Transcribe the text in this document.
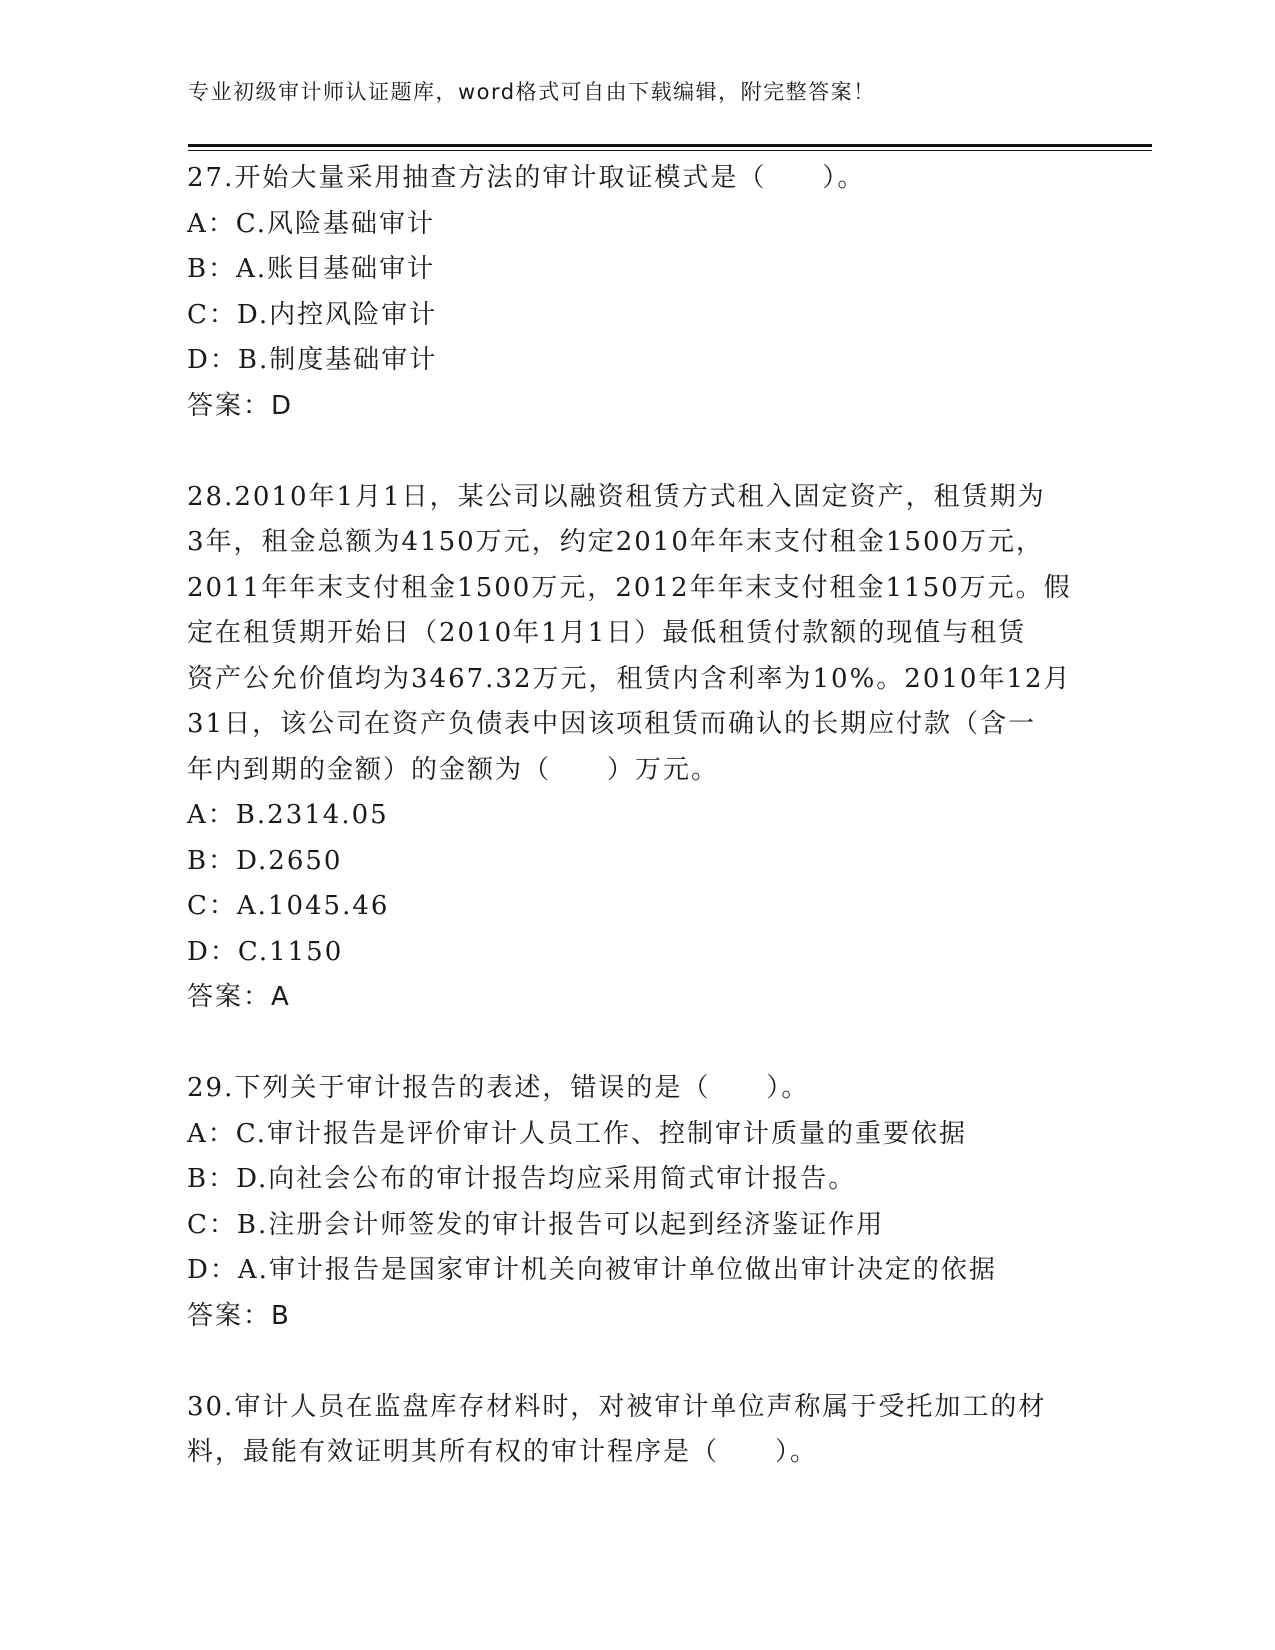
专业初级审计师认证题库，word格式可自由下载编辑，附完整答案！
27.开始大量采用抽查方法的审计取证模式是（　　）。
A：C.风险基础审计
B：A.账目基础审计
C：D.内控风险审计
D：B.制度基础审计
答案：D
28.2010年1月1日，某公司以融资租赁方式租入固定资产，租赁期为
3年，租金总额为4150万元，约定2010年年末支付租金1500万元，
2011年年末支付租金1500万元，2012年年末支付租金1150万元。假
定在租赁期开始日（2010年1月1日）最低租赁付款额的现值与租赁
资产公允价值均为3467.32万元，租赁内含利率为10%。2010年12月
31日，该公司在资产负债表中因该项租赁而确认的长期应付款（含一
年内到期的金额）的金额为（　　）万元。
A：B.2314.05
B：D.2650
C：A.1045.46
D：C.1150
答案：A
29.下列关于审计报告的表述，错误的是（　　）。
A：C.审计报告是评价审计人员工作、控制审计质量的重要依据
B：D.向社会公布的审计报告均应采用简式审计报告。
C：B.注册会计师签发的审计报告可以起到经济鉴证作用
D：A.审计报告是国家审计机关向被审计单位做出审计决定的依据
答案：B
30.审计人员在监盘库存材料时，对被审计单位声称属于受托加工的材
料，最能有效证明其所有权的审计程序是（　　）。
